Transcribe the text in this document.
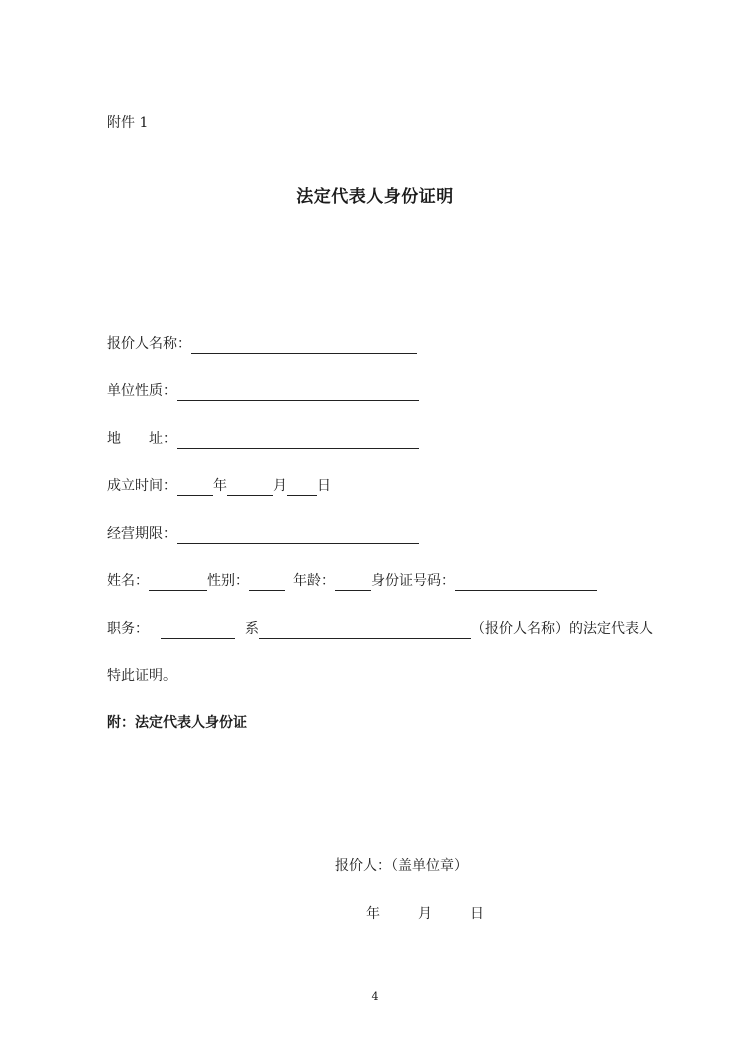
附件 1
法定代表人身份证明
报价人名称：
单位性质：
地 址：
成立时间：	年	月 日
经营期限：
姓名：	性别：	年龄：	身份证号码：
职务：	系	（报价人名称）的法定代表人
特此证明。
附：法定代表人身份证
报价人：（盖单位章）
年	月	日
4
